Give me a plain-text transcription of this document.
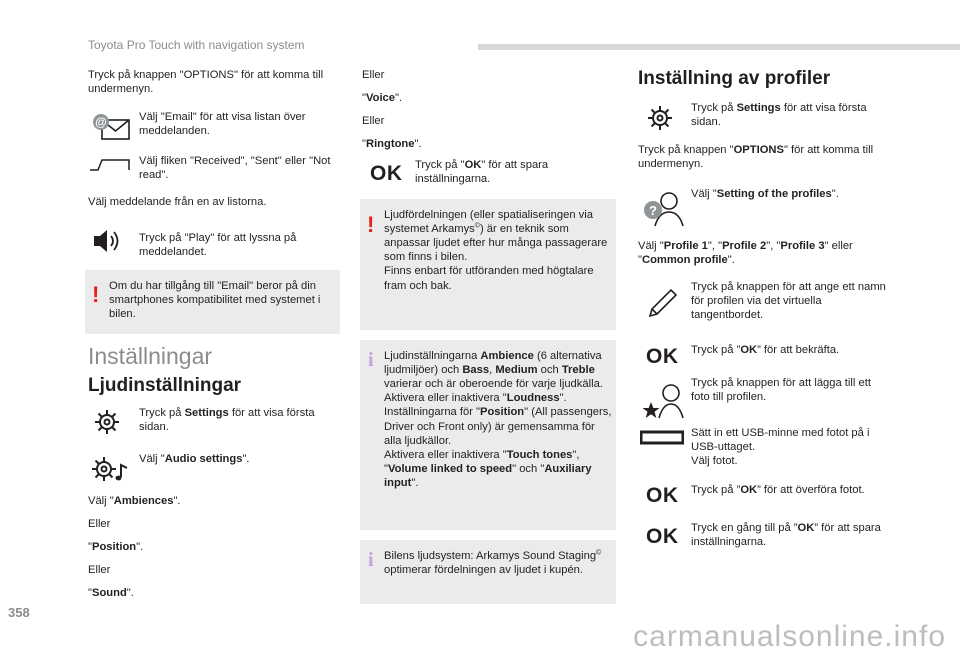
Toyota Pro Touch with navigation system
Tryck på knappen "OPTIONS" för att komma till undermenyn.
@	Välj "Email" för att visa listan över meddelanden.
Välj fliken "Received", "Sent" eller "Not read".
Välj meddelande från en av listorna.
Tryck på "Play" för att lyssna på meddelandet.
! Om du har tillgång till "Email" beror på din smartphones kompatibilitet med systemet i bilen.
Inställningar
Ljudinställningar
Tryck på Settings för att visa första sidan.
Välj "Audio settings".
Välj "Ambiences".
Eller
"Position".
Eller
"Sound".
Eller
"Voice".
Eller
"Ringtone".
OK Tryck på "OK" för att spara inställningarna.
! Ljudfördelningen (eller spatialiseringen via systemet Arkamys©) är en teknik som anpassar ljudet efter hur många passagerare som finns i bilen.
Finns enbart för utföranden med högtalare fram och bak.
i Ljudinställningarna Ambience (6 alternativa ljudmiljöer) och Bass, Medium och Treble varierar och är oberoende för varje ljudkälla.
Aktivera eller inaktivera "Loudness".
Inställningarna för "Position" (All passengers, Driver och Front only) är gemensamma för alla ljudkällor.
Aktivera eller inaktivera "Touch tones", "Volume linked to speed" och "Auxiliary input".
i Bilens ljudsystem: Arkamys Sound Staging© optimerar fördelningen av ljudet i kupén.
Inställning av profiler
Tryck på Settings för att visa första sidan.
Tryck på knappen "OPTIONS" för att komma till undermenyn.
?
Välj "Setting of the profiles".
Välj "Profile 1", "Profile 2", "Profile 3" eller "Common profile".
Tryck på knappen för att ange ett namn för profilen via det virtuella tangentbordet.
OK Tryck på ”OK” för att bekräfta.
Tryck på knappen för att lägga till ett foto till profilen.
Sätt in ett USB-minne med fotot på i USB-uttaget.
Välj fotot.
OK Tryck på ”OK” för att överföra fotot.
OK Tryck en gång till på ”OK” för att spara inställningarna.
358
carmanualsonline.info
